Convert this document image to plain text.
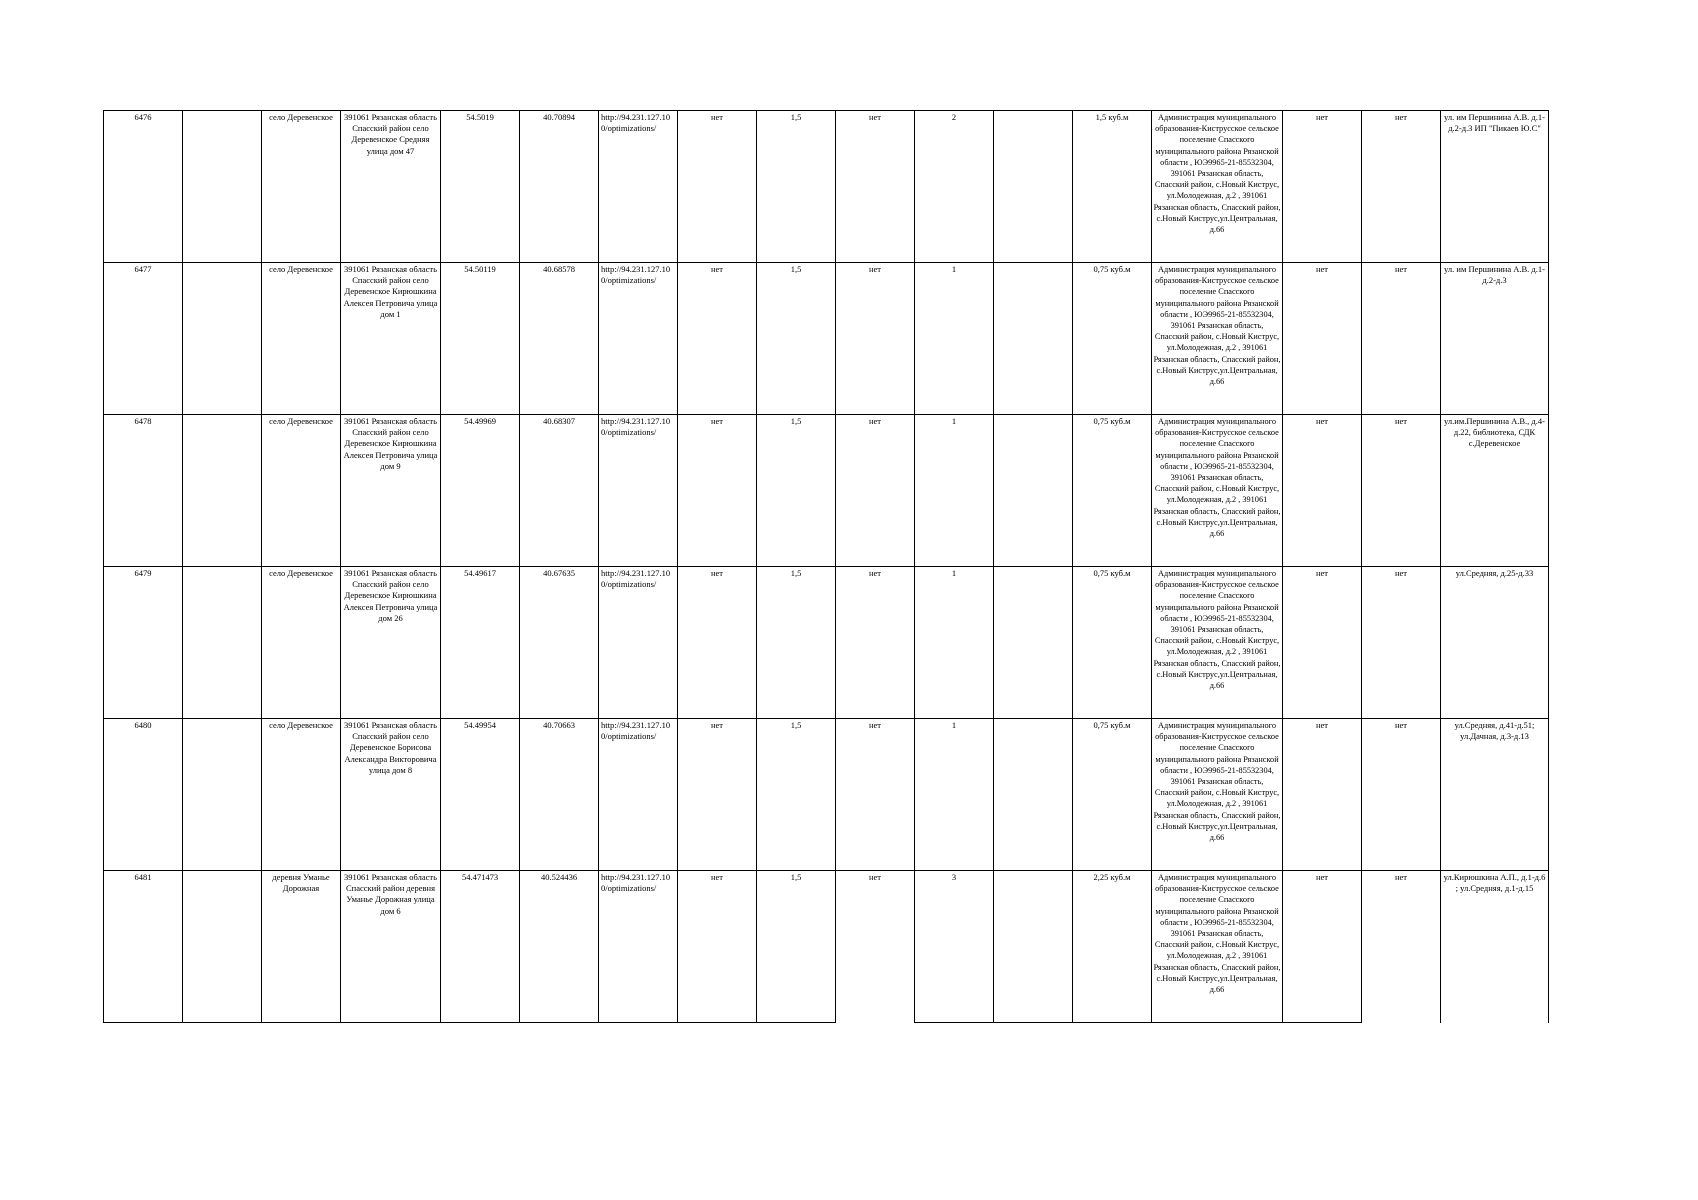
6476		село Деревенское	391061 Рязанская область Спасский район село Деревенское Средняя улица дом 47	54.5019	40.70894	http://94.231.127.100/optimizations/	нет	1,5	нет	2		1,5 куб.м	Администрация муниципального образования-Киструсское сельское поселение Спасского муниципального района Рязанской области , ЮЭ9965-21-85532304, 391061 Рязанская область, Спасский район, с.Новый Киструс, ул.Молодежная, д.2 , 391061 Рязанская область, Спасский район, с.Новый Киструс,ул.Центральная, д.66	нет	нет	ул. им Першинина А.В. д.1-д.2-д.3 ИП "Пикаев Ю.С"
6477		село Деревенское	391061 Рязанская область Спасский район село Деревенское Кирюшкина Алексея Петровича улица дом 1	54.50119	40.68578	http://94.231.127.100/optimizations/	нет	1,5	нет	1		0,75 куб.м	Администрация муниципального образования-Киструсское сельское поселение Спасского муниципального района Рязанской области , ЮЭ9965-21-85532304, 391061 Рязанская область, Спасский район, с.Новый Киструс, ул.Молодежная, д.2 , 391061 Рязанская область, Спасский район, с.Новый Киструс,ул.Центральная, д.66	нет	нет	ул. им Першинина А.В. д.1-д.2-д.3
6478		село Деревенское	391061 Рязанская область Спасский район село Деревенское Кирюшкина Алексея Петровича улица дом 9	54.49969	40.68307	http://94.231.127.100/optimizations/	нет	1,5	нет	1		0,75 куб.м	Администрация муниципального образования-Киструсское сельское поселение Спасского муниципального района Рязанской области , ЮЭ9965-21-85532304, 391061 Рязанская область, Спасский район, с.Новый Киструс, ул.Молодежная, д.2 , 391061 Рязанская область, Спасский район, с.Новый Киструс,ул.Центральная, д.66	нет	нет	ул.им.Першинина А.В., д.4-д.22, библиотека, СДК с.Деревенское
6479		село Деревенское	391061 Рязанская область Спасский район село Деревенское Кирюшкина Алексея Петровича улица дом 26	54.49617	40.67635	http://94.231.127.100/optimizations/	нет	1,5	нет	1		0,75 куб.м	Администрация муниципального образования-Киструсское сельское поселение Спасского муниципального района Рязанской области , ЮЭ9965-21-85532304, 391061 Рязанская область, Спасский район, с.Новый Киструс, ул.Молодежная, д.2 , 391061 Рязанская область, Спасский район, с.Новый Киструс,ул.Центральная, д.66	нет	нет	ул.Средняя, д.25-д.33
6480		село Деревенское	391061 Рязанская область Спасский район село Деревенское Борисова Александра Викторовича улица дом 8	54.49954	40.70663	http://94.231.127.100/optimizations/	нет	1,5	нет	1		0,75 куб.м	Администрация муниципального образования-Киструсское сельское поселение Спасского муниципального района Рязанской области , ЮЭ9965-21-85532304, 391061 Рязанская область, Спасский район, с.Новый Киструс, ул.Молодежная, д.2 , 391061 Рязанская область, Спасский район, с.Новый Киструс,ул.Центральная, д.66	нет	нет	ул.Средняя, д.41-д.51; ул.Дачная, д.3-д.13
6481		деревня Уманье Дорожная	391061 Рязанская область Спасский район деревня Уманье Дорожная улица дом 6	54.471473	40.524436	http://94.231.127.100/optimizations/	нет	1,5	нет	3		2,25 куб.м	Администрация муниципального образования-Киструсское сельское поселение Спасского муниципального района Рязанской области , ЮЭ9965-21-85532304, 391061 Рязанская область, Спасский район, с.Новый Киструс, ул.Молодежная, д.2 , 391061 Рязанская область, Спасский район, с.Новый Киструс,ул.Центральная, д.66	нет	нет	ул.Кирюшкина А.П., д.1-д.6 ; ул.Средняя, д.1-д.15
